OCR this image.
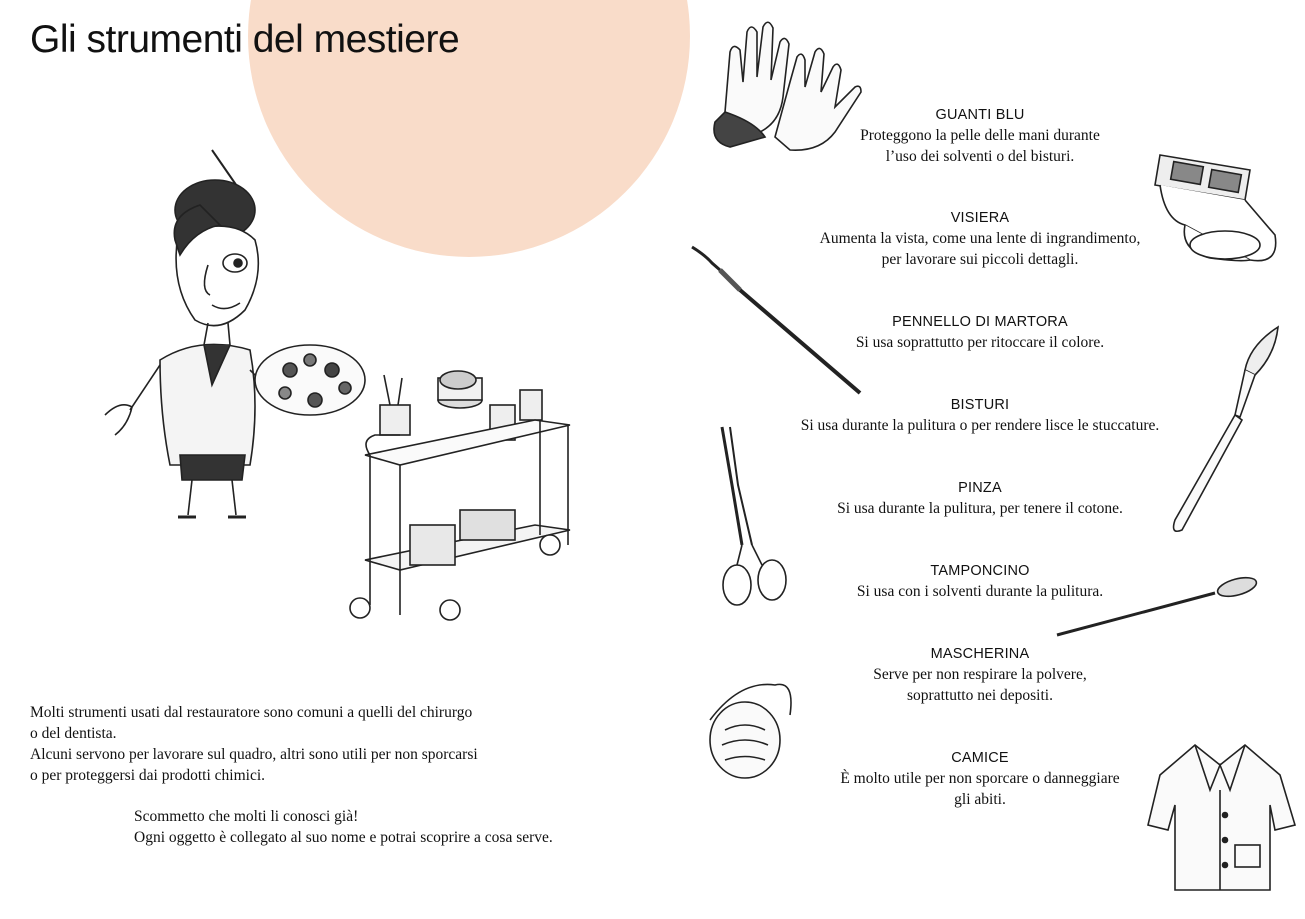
Gli strumenti del mestiere

Molti strumenti usati dal restauratore sono comuni a quelli del chirurgo

o del dentista.

Alcuni servono per lavorare sul quadro, altri sono utili per non sporcarsi

o per proteggersi dai prodotti chimici.

Scommetto che molti li conosci già!

Ogni oggetto è collegato al suo nome e potrai scoprire a cosa serve.

GUANTI BLU
Proteggono la pelle delle mani durante
l’uso dei solventi o del bisturi.
VISIERA
Aumenta la vista, come una lente di ingrandimento,
per lavorare sui piccoli dettagli.
PENNELLO DI MARTORA
Si usa soprattutto per ritoccare il colore.
BISTURI
Si usa durante la pulitura o per rendere lisce le stuccature.
PINZA
Si usa durante la pulitura, per tenere il cotone.
TAMPONCINO
Si usa con i solventi durante la pulitura.
MASCHERINA
Serve per non respirare la polvere,
soprattutto nei depositi.
CAMICE
È molto utile per non sporcare o danneggiare
gli abiti.
